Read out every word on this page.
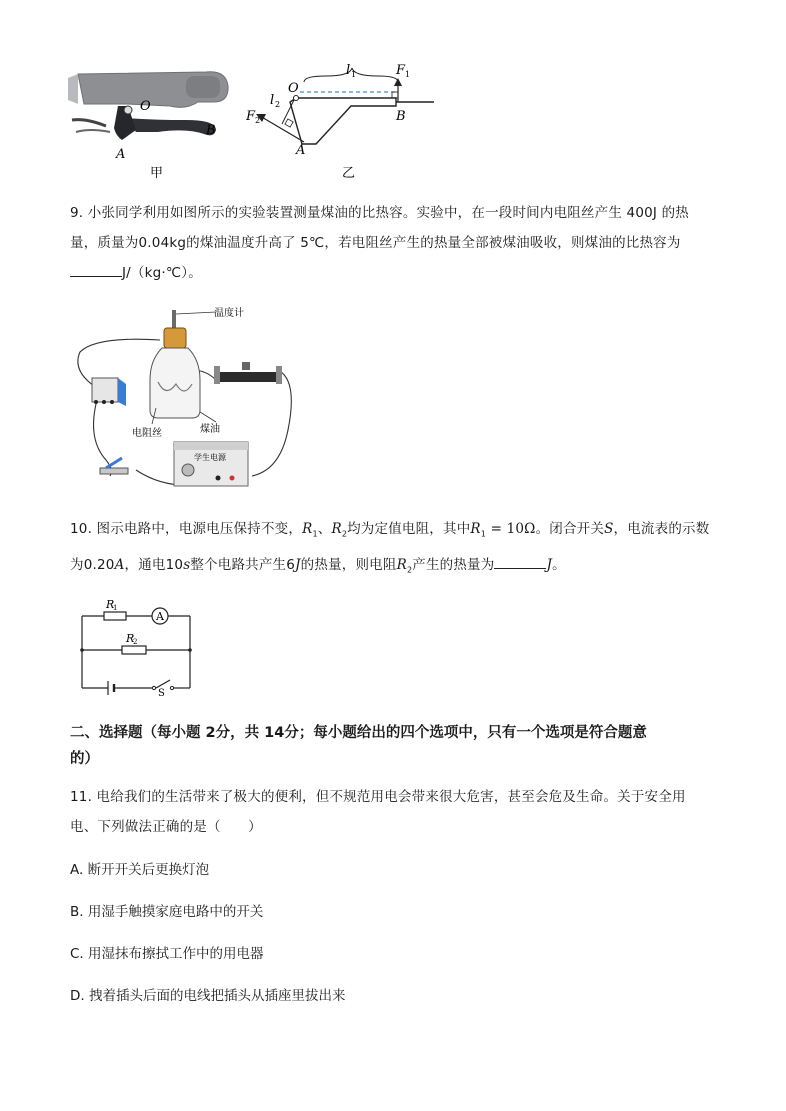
O
A
B
甲
O
l 1	F 1
l 2
F 2
A
B
乙
9. 小张同学利用如图所示的实验装置测量煤油的比热容。实验中，在一段时间内电阻丝产生 400J 的热
量，质量为0.04kg的煤油温度升高了 5℃，若电阻丝产生的热量全部被煤油吸收，则煤油的比热容为
J/（kg·℃）。
温度计
煤油
电阻丝
学生电源
10. 图示电路中，电源电压保持不变，$R_1$、$R_2$均为定值电阻，其中$R_1 = 10\Omega$。闭合开关S，电流表的示数
为0.20A，通电10s整个电路共产生6J的热量，则电阻$R_2$产生的热量为	J。
R
1
A
R
2
S
二、选择题（每小题 2分，共 14分；每小题给出的四个选项中，只有一个选项是符合题意
的）
11. 电给我们的生活带来了极大的便利，但不规范用电会带来很大危害，甚至会危及生命。关于安全用
电、下列做法正确的是（　　）
A. 断开开关后更换灯泡
B. 用湿手触摸家庭电路中的开关
C. 用湿抹布擦拭工作中的用电器
D. 拽着插头后面的电线把插头从插座里拔出来
